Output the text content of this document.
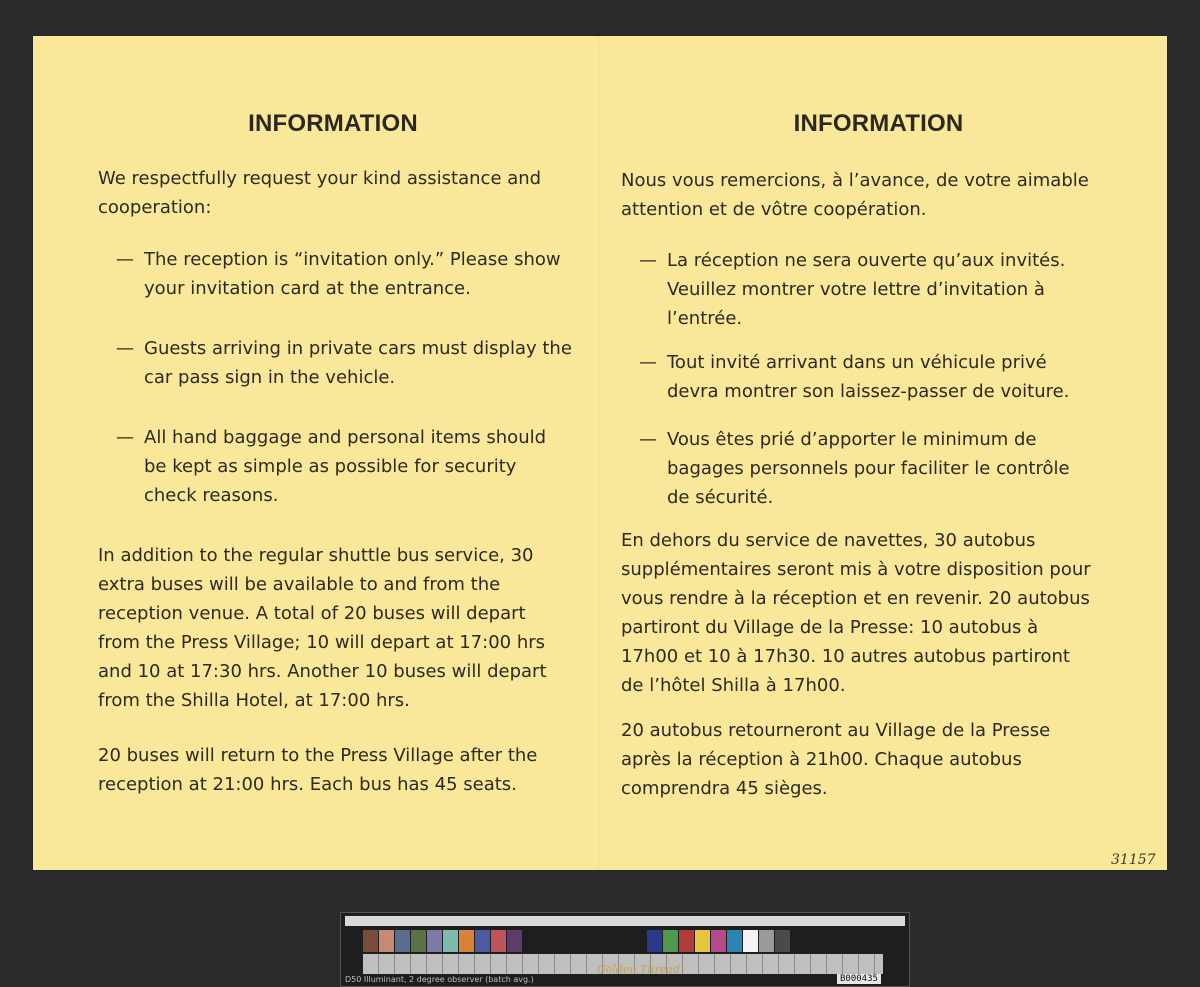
INFORMATION

We respectfully request your kind assistance and
cooperation:

— The reception is “invitation only.” Please show
your invitation card at the entrance.
— Guests arriving in private cars must display the
car pass sign in the vehicle.
— All hand baggage and personal items should
be kept as simple as possible for security
check reasons.

In addition to the regular shuttle bus service, 30
extra buses will be available to and from the
reception venue. A total of 20 buses will depart
from the Press Village; 10 will depart at 17:00 hrs
and 10 at 17:30 hrs. Another 10 buses will depart
from the Shilla Hotel, at 17:00 hrs.

20 buses will return to the Press Village after the
reception at 21:00 hrs. Each bus has 45 seats.

INFORMATION

Nous vous remercions, à l’avance, de votre aimable
attention et de vôtre coopération.

— La réception ne sera ouverte qu’aux invités.
Veuillez montrer votre lettre d’invitation à
l’entrée.
— Tout invité arrivant dans un véhicule privé
devra montrer son laissez-passer de voiture.
— Vous êtes prié d’apporter le minimum de
bagages personnels pour faciliter le contrôle
de sécurité.

En dehors du service de navettes, 30 autobus
supplémentaires seront mis à votre disposition pour
vous rendre à la réception et en revenir. 20 autobus
partiront du Village de la Presse: 10 autobus à
17h00 et 10 à 17h30. 10 autres autobus partiront
de l’hôtel Shilla à 17h00.

20 autobus retourneront au Village de la Presse
après la réception à 21h00. Chaque autobus
comprendra 45 sièges.

31157
Golden Thread
D50 Illuminant, 2 degree observer (batch avg.)	B000435
